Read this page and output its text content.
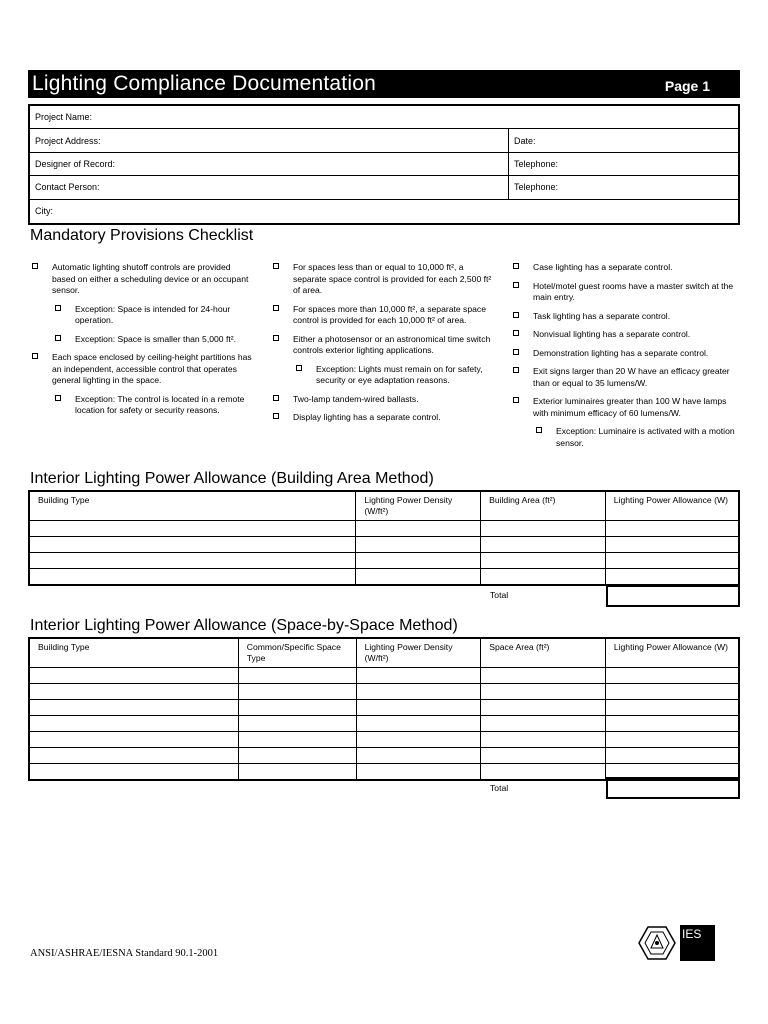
Lighting Compliance Documentation	Page 1
Project Name:
Project Address:	Date:
Designer of Record:	Telephone:
Contact Person:	Telephone:
City:
Mandatory Provisions Checklist
Automatic lighting shutoff controls are provided based on either a scheduling device or an occupant sensor.
Exception: Space is intended for 24-hour operation.
Exception: Space is smaller than 5,000 ft².
Each space enclosed by ceiling-height partitions has an independent, accessible control that operates general lighting in the space.
Exception: The control is located in a remote location for safety or security reasons.
For spaces less than or equal to 10,000 ft², a separate space control is provided for each 2,500 ft² of area.
For spaces more than 10,000 ft², a separate space control is provided for each 10,000 ft² of area.
Either a photosensor or an astronomical time switch controls exterior lighting applications.
Exception: Lights must remain on for safety, security or eye adaptation reasons.
Two-lamp tandem-wired ballasts.
Display lighting has a separate control.
Case lighting has a separate control.
Hotel/motel guest rooms have a master switch at the main entry.
Task lighting has a separate control.
Nonvisual lighting has a separate control.
Demonstration lighting has a separate control.
Exit signs larger than 20 W have an efficacy greater than or equal to 35 lumens/W.
Exterior luminaires greater than 100 W have lamps with minimum efficacy of 60 lumens/W.
Exception: Luminaire is activated with a motion sensor.
Interior Lighting Power Allowance (Building Area Method)
Building Type	Lighting Power Density (W/ft²)	Building Area (ft²)	Lighting Power Allowance (W)

Total
Interior Lighting Power Allowance (Space-by-Space Method)
Building Type	Common/Specific Space Type	Lighting Power Density (W/ft²)	Space Area (ft²)	Lighting Power Allowance (W)

Total
ANSI/ASHRAE/IESNA Standard 90.1-2001
IES
